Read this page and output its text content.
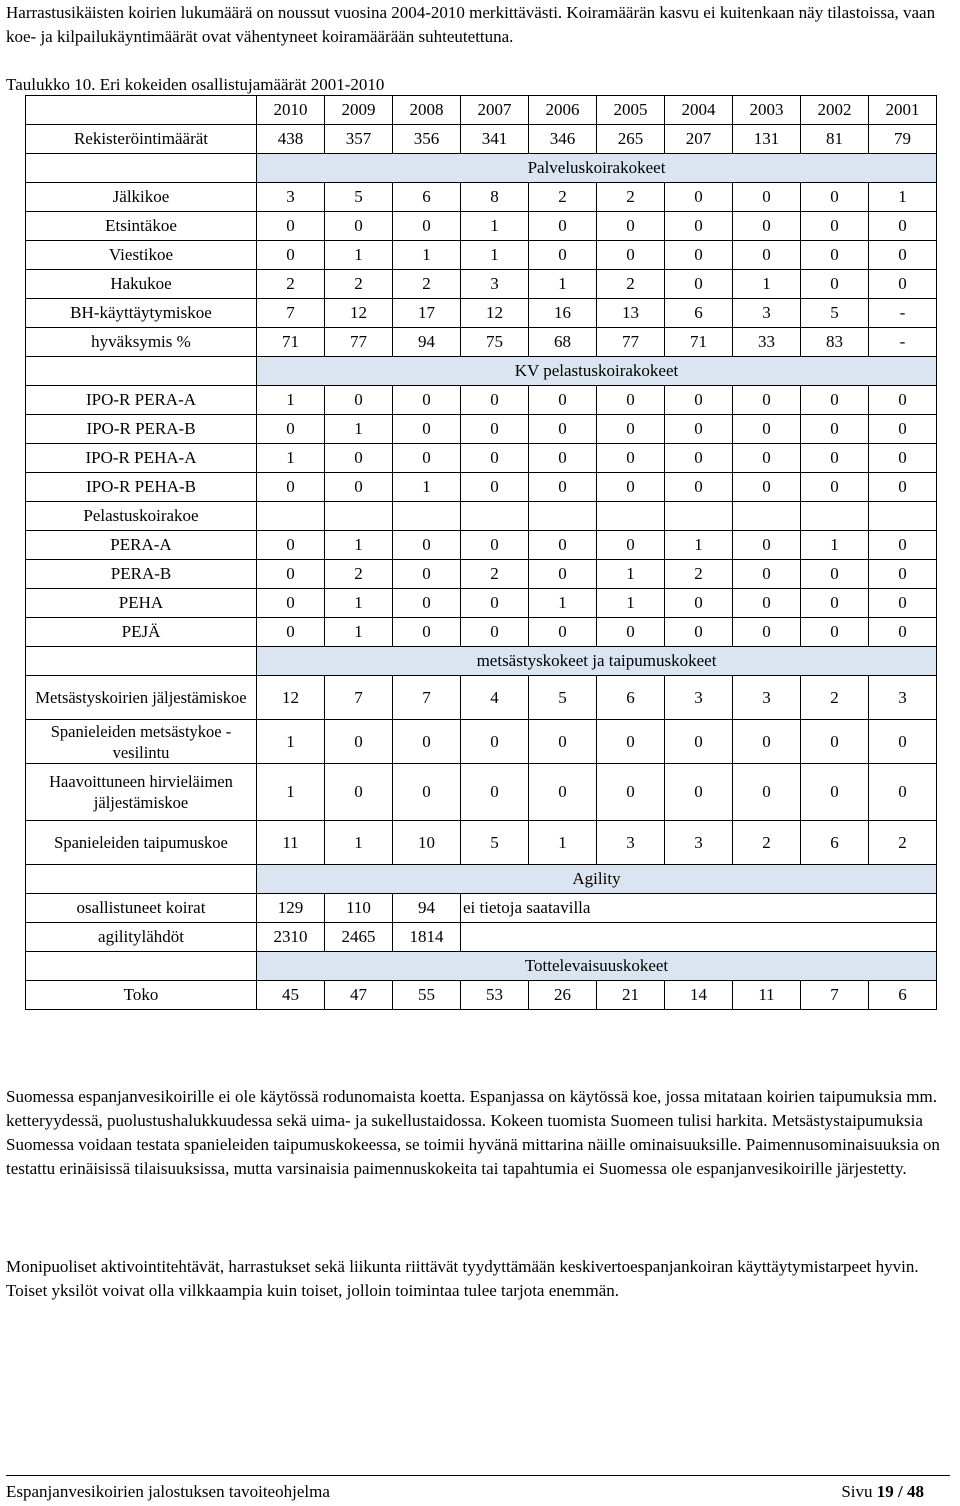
Harrastusikäisten koirien lukumäärä on noussut vuosina 2004-2010 merkittävästi. Koiramäärän kasvu ei kuitenkaan näy tilastoissa, vaan koe- ja kilpailukäyntimäärät ovat vähentyneet koiramäärään suhteutettuna.

Taulukko 10. Eri kokeiden osallistujamäärät 2001-2010
	2010	2009	2008	2007	2006	2005	2004	2003	2002	2001
Rekisteröintimäärät	438	357	356	341	346	265	207	131	81	79
	Palveluskoirakokeet									
Jälkikoe	3	5	6	8	2	2	0	0	0	1
Etsintäkoe	0	0	0	1	0	0	0	0	0	0
Viestikoe	0	1	1	1	0	0	0	0	0	0
Hakukoe	2	2	2	3	1	2	0	1	0	0
BH-käyttäytymiskoe	7	12	17	12	16	13	6	3	5	-
hyväksymis %	71	77	94	75	68	77	71	33	83	-
	KV pelastuskoirakokeet									
IPO-R PERA-A	1	0	0	0	0	0	0	0	0	0
IPO-R PERA-B	0	1	0	0	0	0	0	0	0	0
IPO-R PEHA-A	1	0	0	0	0	0	0	0	0	0
IPO-R PEHA-B	0	0	1	0	0	0	0	0	0	0
Pelastuskoirakoe										
PERA-A	0	1	0	0	0	0	1	0	1	0
PERA-B	0	2	0	2	0	1	2	0	0	0
PEHA	0	1	0	0	1	1	0	0	0	0
PEJÄ	0	1	0	0	0	0	0	0	0	0
	metsästyskokeet ja taipumuskokeet									
Metsästyskoirien jäljestämiskoe	12	7	7	4	5	6	3	3	2	3
Spanieleiden metsästykoe -vesilintu	1	0	0	0	0	0	0	0	0	0
Haavoittuneen hirvieläimen jäljestämiskoe	1	0	0	0	0	0	0	0	0	0
Spanieleiden taipumuskoe	11	1	10	5	1	3	3	2	6	2
	Agility									
osallistuneet koirat	129	110	94	ei tietoja saatavilla						
agilitylähdöt	2310	2465	1814							
	Tottelevaisuuskokeet									
Toko	45	47	55	53	26	21	14	11	7	6

Suomessa espanjanvesikoirille ei ole käytössä rodunomaista koetta. Espanjassa on käytössä koe, jossa mitataan koirien taipumuksia mm. ketteryydessä, puolustushalukkuudessa sekä uima- ja sukellustaidossa. Kokeen tuomista Suomeen tulisi harkita. Metsästystaipumuksia Suomessa voidaan testata spanieleiden taipumuskokeessa, se toimii hyvänä mittarina näille ominaisuuksille. Paimennusominaisuuksia on testattu erinäisissä tilaisuuksissa, mutta varsinaisia paimennuskokeita tai tapahtumia ei Suomessa ole espanjanvesikoirille järjestetty.

Monipuoliset aktivointitehtävät, harrastukset sekä liikunta riittävät tyydyttämään keskivertoespanjankoiran käyttäytymistarpeet hyvin. Toiset yksilöt voivat olla vilkkaampia kuin toiset, jolloin toimintaa tulee tarjota enemmän.

Espanjanvesikoirien jalostuksen tavoiteohjelma	Sivu 19 / 48
